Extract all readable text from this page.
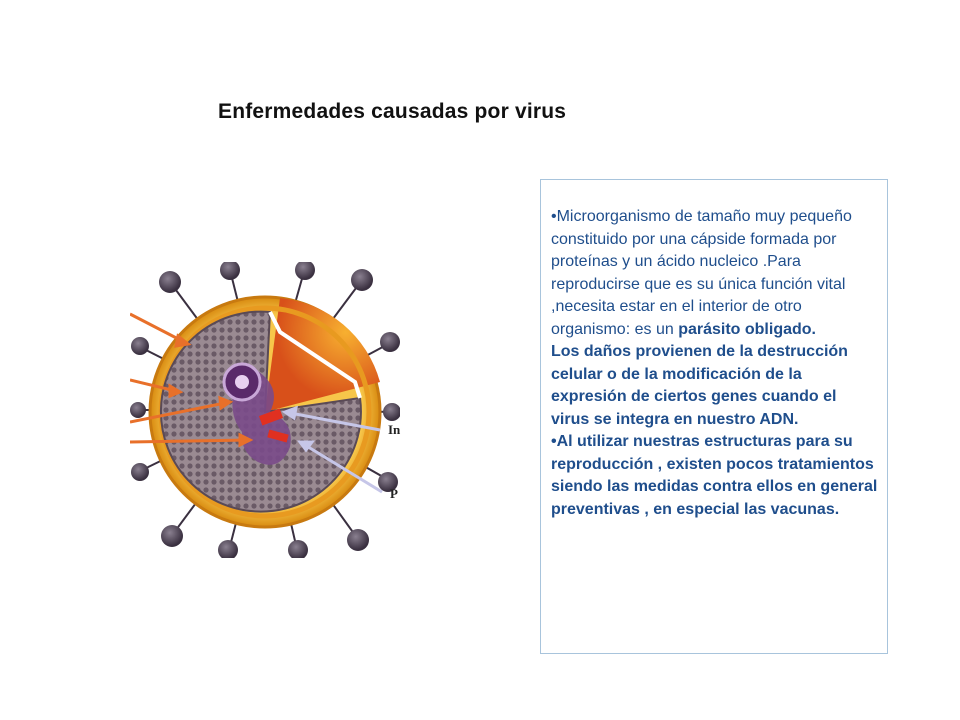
Enfermedades causadas por virus
In
P

•Microorganismo de tamaño muy pequeño constituido por una cápside formada por proteínas y un ácido nucleico .Para reproducirse que es su única función vital ,necesita estar en el interior de otro organismo: es un parásito obligado.

Los daños provienen de la destrucción celular o de la modificación de la expresión de ciertos genes cuando el virus se integra en nuestro ADN.

•Al utilizar nuestras estructuras para su reproducción , existen pocos tratamientos siendo las medidas contra ellos en general preventivas , en especial las vacunas.
